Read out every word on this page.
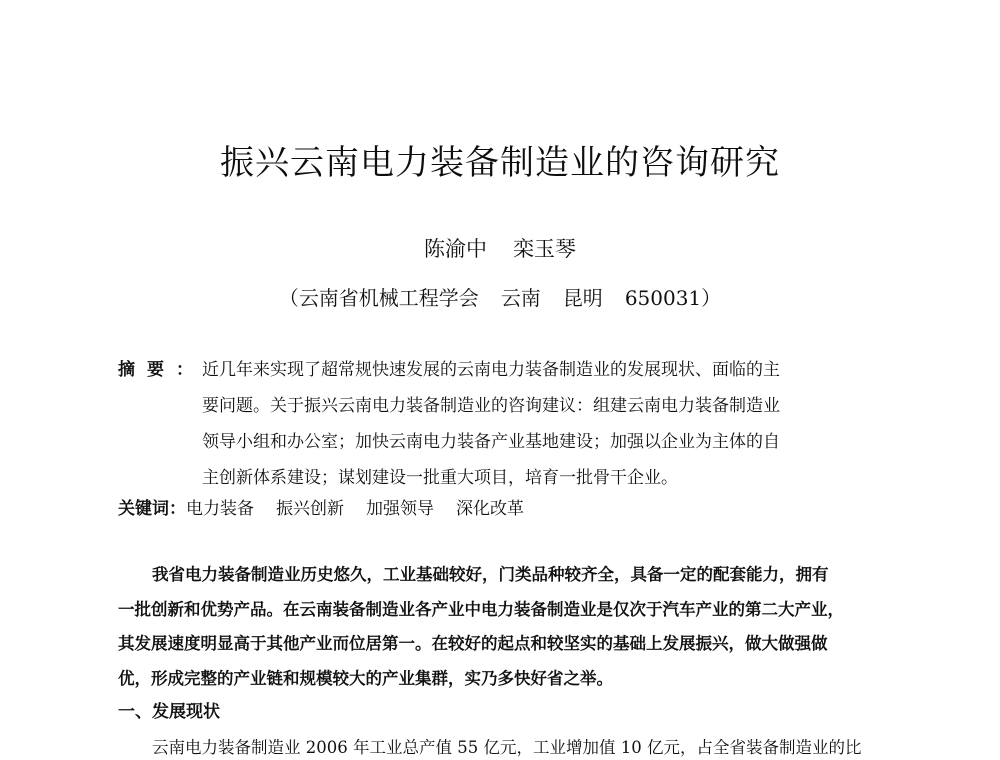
振兴云南电力装备制造业的咨询研究
陈渝中 栾玉琴
（云南省机械工程学会 云南 昆明 650031）
摘要： 近几年来实现了超常规快速发展的云南电力装备制造业的发展现状、面临的主
要问题。关于振兴云南电力装备制造业的咨询建议：组建云南电力装备制造业
领导小组和办公室；加快云南电力装备产业基地建设；加强以企业为主体的自
主创新体系建设；谋划建设一批重大项目，培育一批骨干企业。
关键词：电力装备 振兴创新 加强领导 深化改革
我省电力装备制造业历史悠久，工业基础较好，门类品种较齐全，具备一定的配套能力，拥有
一批创新和优势产品。在云南装备制造业各产业中电力装备制造业是仅次于汽车产业的第二大产业，
其发展速度明显高于其他产业而位居第一。在较好的起点和较坚实的基础上发展振兴，做大做强做
优，形成完整的产业链和规模较大的产业集群，实乃多快好省之举。
一、发展现状
云南电力装备制造业 2006 年工业总产值 55 亿元，工业增加值 10 亿元，占全省装备制造业的比
